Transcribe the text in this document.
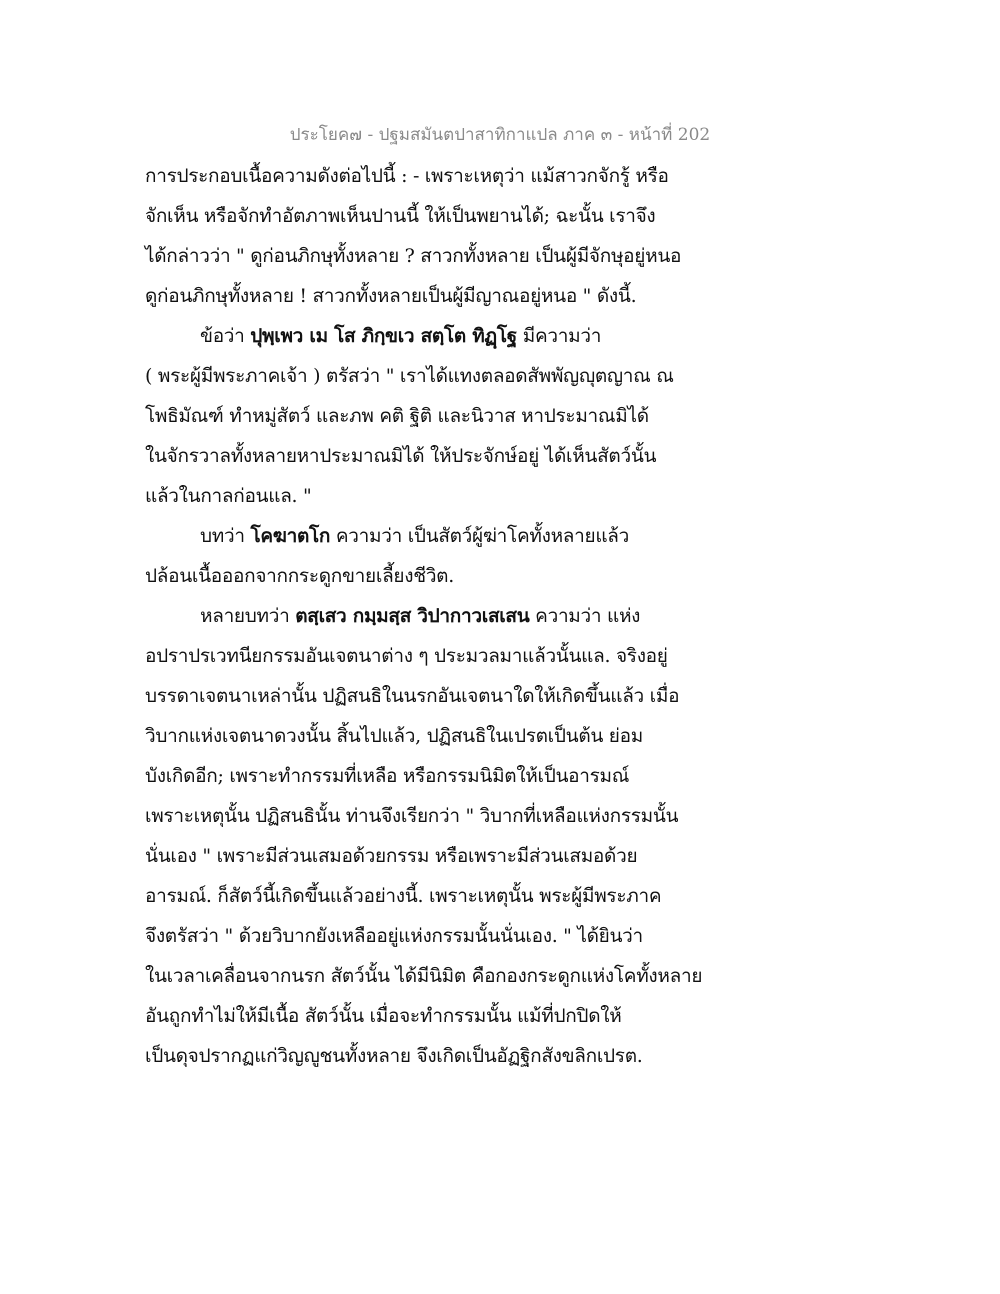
ประโยค๗ - ปฐมสมันตปาสาทิกาแปล ภาค ๓ - หน้าที่ 202
การประกอบเนื้อความดังต่อไปนี้ : - เพราะเหตุว่า แม้สาวกจักรู้ หรือ
จักเห็น หรือจักทำอัตภาพเห็นปานนี้ ให้เป็นพยานได้; ฉะนั้น เราจึง
ได้กล่าวว่า " ดูก่อนภิกษุทั้งหลาย ? สาวกทั้งหลาย เป็นผู้มีจักษุอยู่หนอ
ดูก่อนภิกษุทั้งหลาย ! สาวกทั้งหลายเป็นผู้มีญาณอยู่หนอ " ดังนี้.
ข้อว่า ปุพฺเพว เม โส ภิกฺขเว สตฺโต ทิฏฺโฐ มีความว่า
( พระผู้มีพระภาคเจ้า ) ตรัสว่า " เราได้แทงตลอดสัพพัญญุตญาณ ณ
โพธิมัณฑ์ ทำหมู่สัตว์ และภพ คติ ฐิติ และนิวาส หาประมาณมิได้
ในจักรวาลทั้งหลายหาประมาณมิได้ ให้ประจักษ์อยู่ ได้เห็นสัตว์นั้น
แล้วในกาลก่อนแล. "
บทว่า โคฆาตโก ความว่า เป็นสัตว์ผู้ฆ่าโคทั้งหลายแล้ว
ปล้อนเนื้อออกจากกระดูกขายเลี้ยงชีวิต.
หลายบทว่า ตสฺเสว กมฺมสฺส วิปากาวเสเสน ความว่า แห่ง
อปราปรเวทนียกรรมอันเจตนาต่าง ๆ ประมวลมาแล้วนั้นแล. จริงอยู่
บรรดาเจตนาเหล่านั้น ปฏิสนธิในนรกอันเจตนาใดให้เกิดขึ้นแล้ว เมื่อ
วิบากแห่งเจตนาดวงนั้น สิ้นไปแล้ว, ปฏิสนธิในเปรตเป็นต้น ย่อม
บังเกิดอีก; เพราะทำกรรมที่เหลือ หรือกรรมนิมิตให้เป็นอารมณ์
เพราะเหตุนั้น ปฏิสนธินั้น ท่านจึงเรียกว่า " วิบากที่เหลือแห่งกรรมนั้น
นั่นเอง " เพราะมีส่วนเสมอด้วยกรรม หรือเพราะมีส่วนเสมอด้วย
อารมณ์. ก็สัตว์นี้เกิดขึ้นแล้วอย่างนี้. เพราะเหตุนั้น พระผู้มีพระภาค
จึงตรัสว่า " ด้วยวิบากยังเหลืออยู่แห่งกรรมนั้นนั่นเอง. " ได้ยินว่า
ในเวลาเคลื่อนจากนรก สัตว์นั้น ได้มีนิมิต คือกองกระดูกแห่งโคทั้งหลาย
อันถูกทำไม่ให้มีเนื้อ สัตว์นั้น เมื่อจะทำกรรมนั้น แม้ที่ปกปิดให้
เป็นดุจปรากฏแก่วิญญูชนทั้งหลาย จึงเกิดเป็นอัฏฐิกสังขลิกเปรต.
